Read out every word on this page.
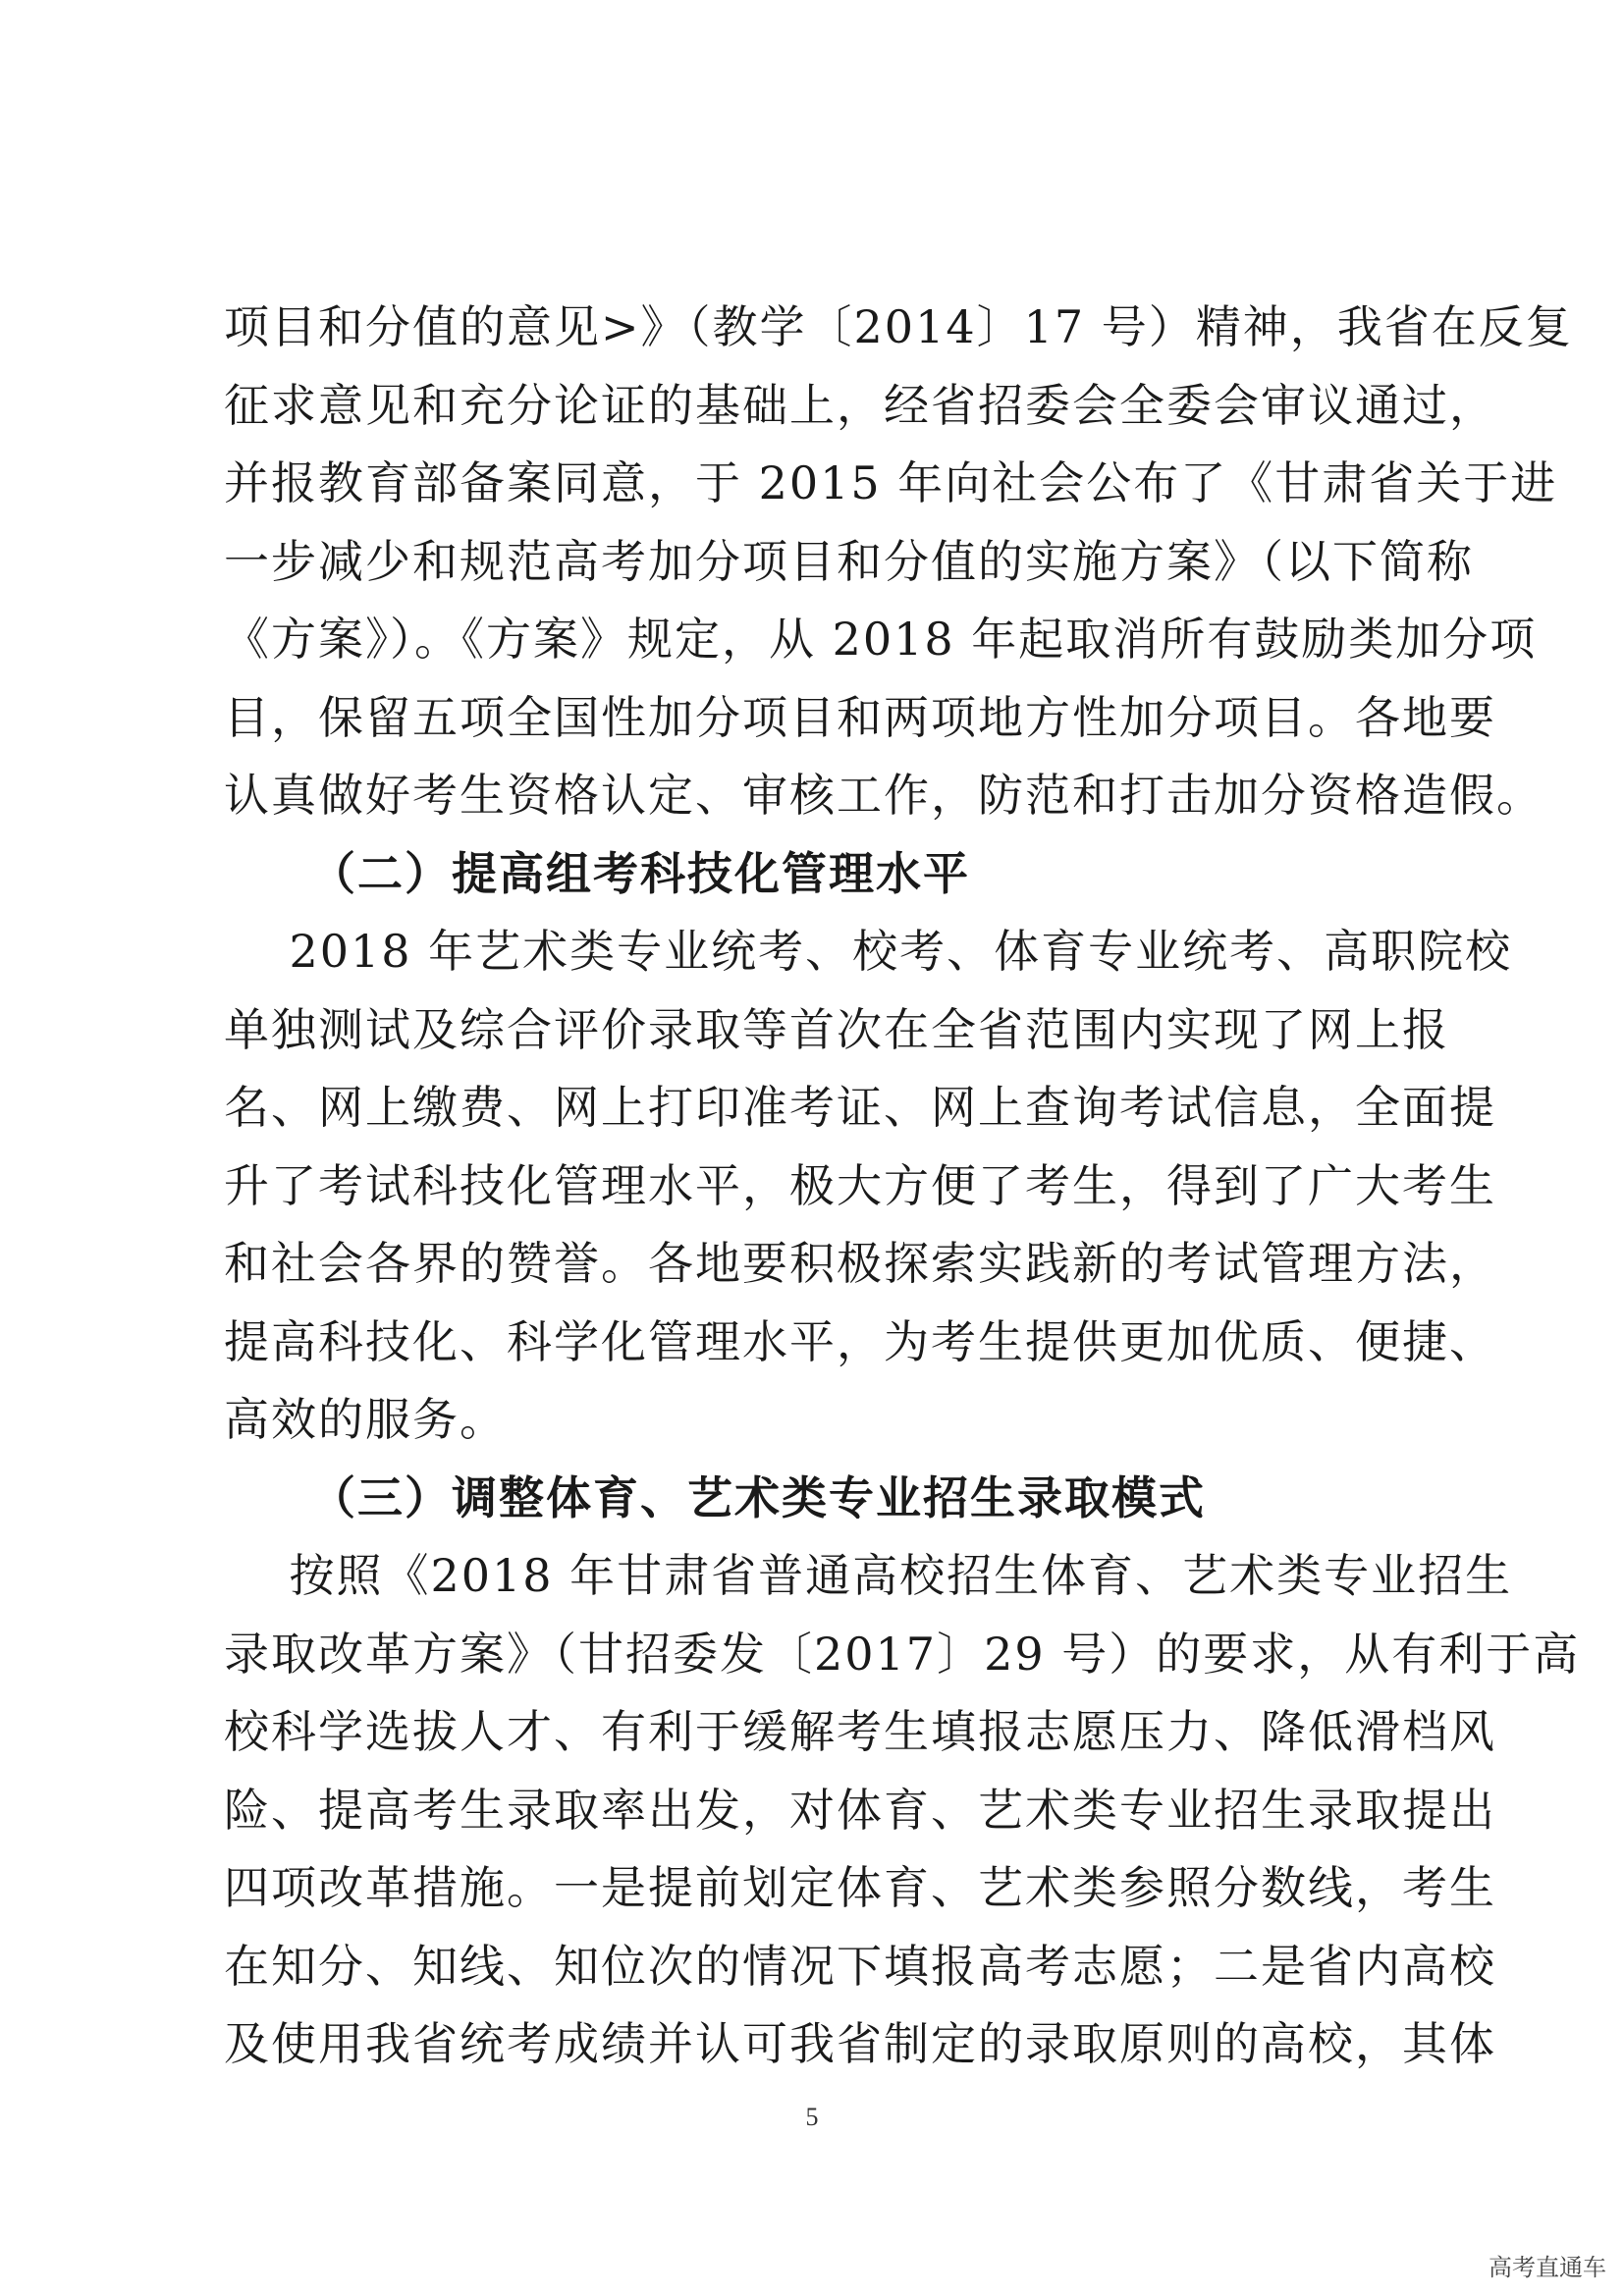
项目和分值的意见>》（教学〔2014〕17 号）精神，我省在反复
征求意见和充分论证的基础上，经省招委会全委会审议通过，
并报教育部备案同意，于 2015 年向社会公布了《甘肃省关于进
一步减少和规范高考加分项目和分值的实施方案》（以下简称
《方案》）。《方案》规定，从 2018 年起取消所有鼓励类加分项
目，保留五项全国性加分项目和两项地方性加分项目。各地要
认真做好考生资格认定、审核工作，防范和打击加分资格造假。
（二）提高组考科技化管理水平
2018 年艺术类专业统考、校考、体育专业统考、高职院校
单独测试及综合评价录取等首次在全省范围内实现了网上报
名、网上缴费、网上打印准考证、网上查询考试信息，全面提
升了考试科技化管理水平，极大方便了考生，得到了广大考生
和社会各界的赞誉。各地要积极探索实践新的考试管理方法，
提高科技化、科学化管理水平，为考生提供更加优质、便捷、
高效的服务。
（三）调整体育、艺术类专业招生录取模式
按照《2018 年甘肃省普通高校招生体育、艺术类专业招生
录取改革方案》（甘招委发〔2017〕29 号）的要求，从有利于高
校科学选拔人才、有利于缓解考生填报志愿压力、降低滑档风
险、提高考生录取率出发，对体育、艺术类专业招生录取提出
四项改革措施。一是提前划定体育、艺术类参照分数线，考生
在知分、知线、知位次的情况下填报高考志愿；二是省内高校
及使用我省统考成绩并认可我省制定的录取原则的高校，其体
5
高考直通车
